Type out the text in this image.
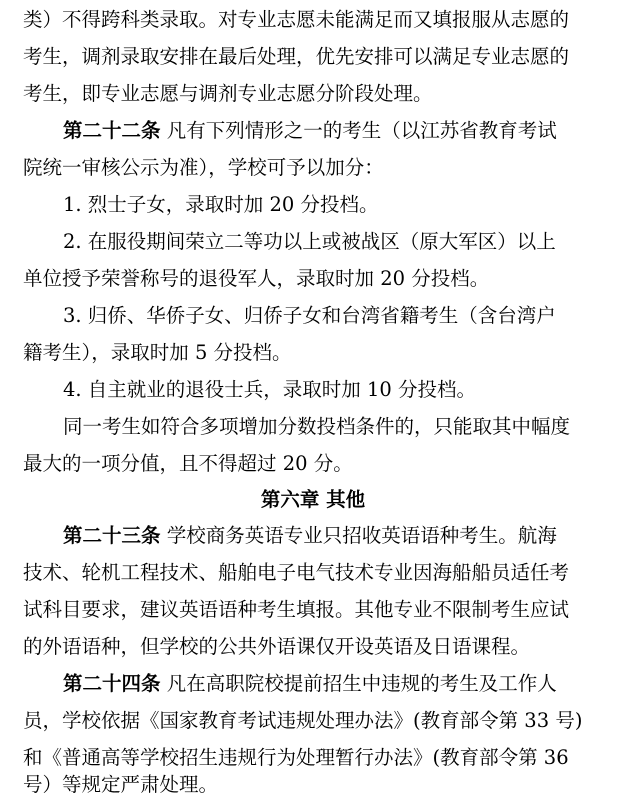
类）不得跨科类录取。对专业志愿未能满足而又填报服从志愿的
考生，调剂录取安排在最后处理，优先安排可以满足专业志愿的
考生，即专业志愿与调剂专业志愿分阶段处理。
第二十二条 凡有下列情形之一的考生（以江苏省教育考试
院统一审核公示为准），学校可予以加分：
1. 烈士子女，录取时加 20 分投档。
2. 在服役期间荣立二等功以上或被战区（原大军区）以上
单位授予荣誉称号的退役军人，录取时加 20 分投档。
3. 归侨、华侨子女、归侨子女和台湾省籍考生（含台湾户
籍考生），录取时加 5 分投档。
4. 自主就业的退役士兵，录取时加 10 分投档。
同一考生如符合多项增加分数投档条件的，只能取其中幅度
最大的一项分值，且不得超过 20 分。
第六章 其他
第二十三条 学校商务英语专业只招收英语语种考生。航海
技术、轮机工程技术、船舶电子电气技术专业因海船船员适任考
试科目要求，建议英语语种考生填报。其他专业不限制考生应试
的外语语种，但学校的公共外语课仅开设英语及日语课程。
第二十四条 凡在高职院校提前招生中违规的考生及工作人
员，学校依据《国家教育考试违规处理办法》(教育部令第 33 号)
和《普通高等学校招生违规行为处理暂行办法》(教育部令第 36
号）等规定严肃处理。
